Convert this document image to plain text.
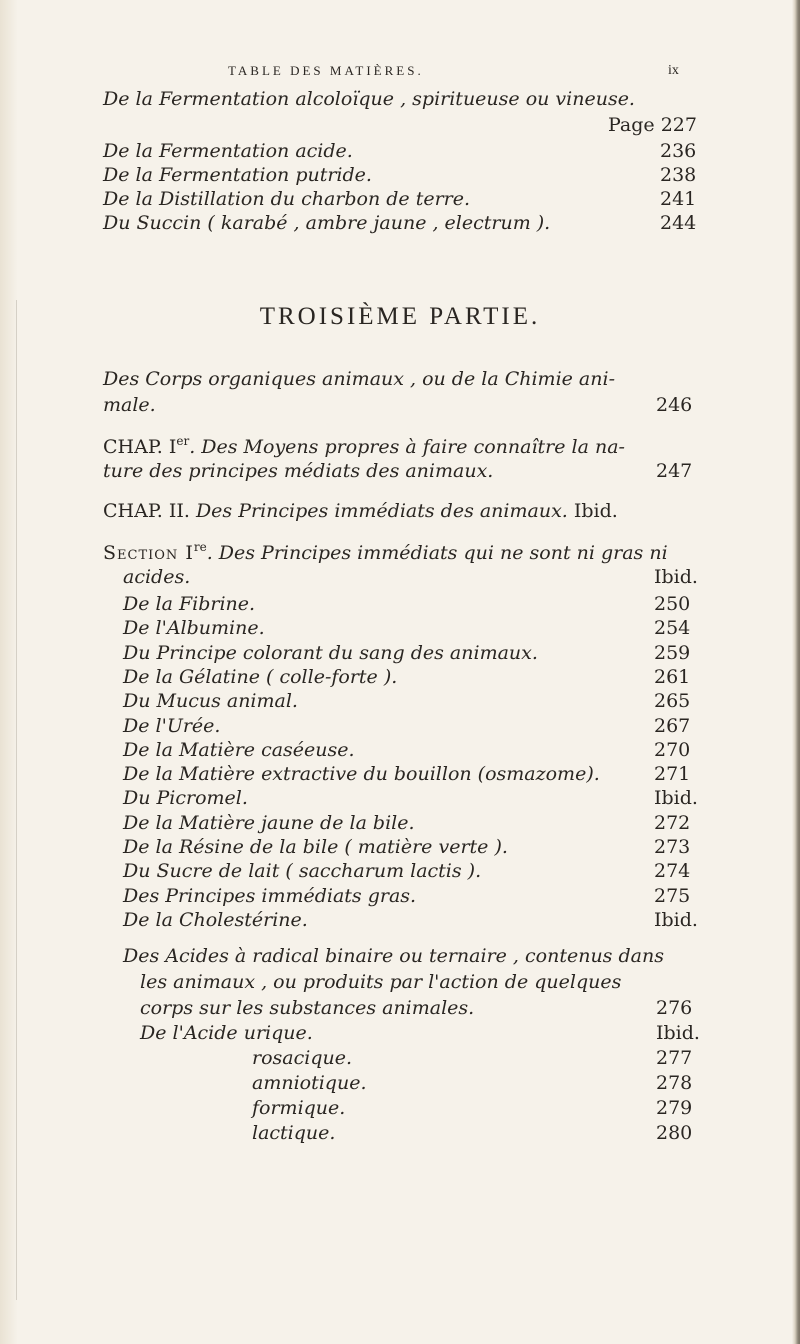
TABLE DES MATIÈRES.	ix
De la Fermentation alcoloïque , spiritueuse ou vineuse.
Page 227
De la Fermentation acide.	236
De la Fermentation putride.	238
De la Distillation du charbon de terre.	241
Du Succin ( karabé , ambre jaune , electrum ).	244
TROISIÈME PARTIE.
Des Corps organiques animaux , ou de la Chimie ani-
male.	246
CHAP. Ier. Des Moyens propres à faire connaître la na-
ture des principes médiats des animaux.	247
CHAP. II. Des Principes immédiats des animaux. Ibid.
Section Ire. Des Principes immédiats qui ne sont ni gras ni
acides.	Ibid.
De la Fibrine.	250
De l'Albumine.	254
Du Principe colorant du sang des animaux.	259
De la Gélatine ( colle-forte ).	261
Du Mucus animal.	265
De l'Urée.	267
De la Matière caséeuse.	270
De la Matière extractive du bouillon (osmazome).	271
Du Picromel.	Ibid.
De la Matière jaune de la bile.	272
De la Résine de la bile ( matière verte ).	273
Du Sucre de lait ( saccharum lactis ).	274
Des Principes immédiats gras.	275
De la Cholestérine.	Ibid.
Des Acides à radical binaire ou ternaire , contenus dans
les animaux , ou produits par l'action de quelques
corps sur les substances animales.	276
De l'Acide urique.	Ibid.
rosacique.	277
amniotique.	278
formique.	279
lactique.	280
